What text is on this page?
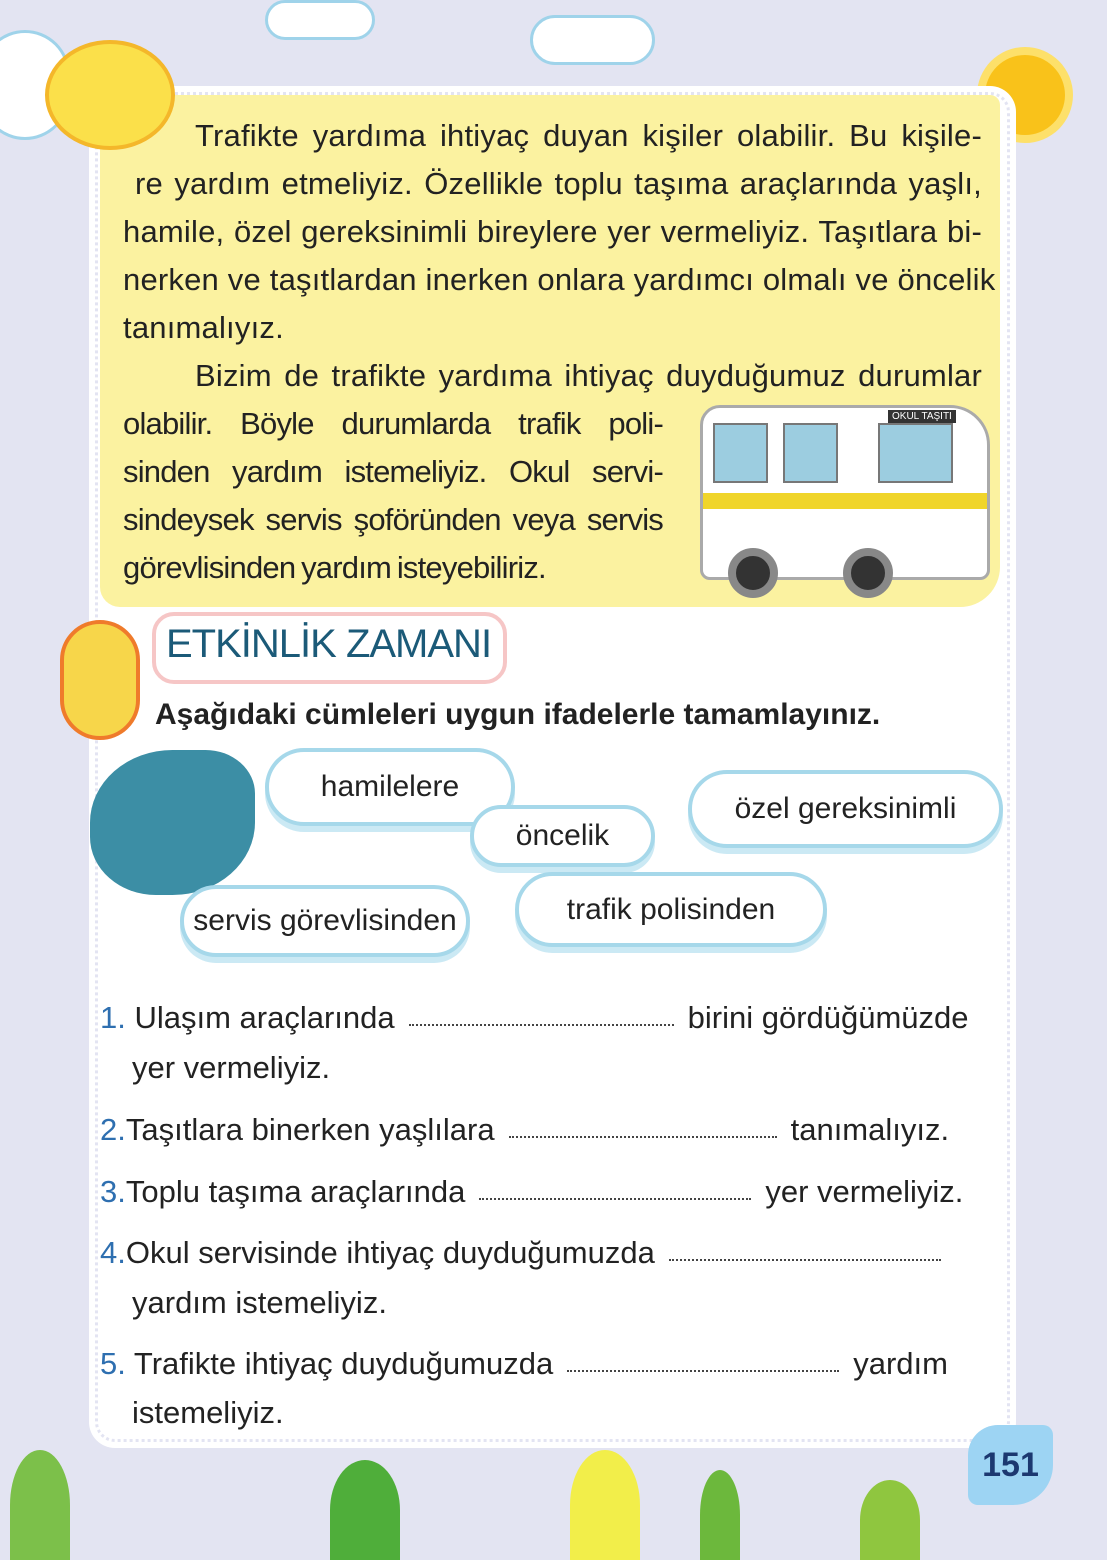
Trafikte yardıma ihtiyaç duyan kişiler olabilir. Bu kişile-
re yardım etmeliyiz. Özellikle toplu taşıma araçlarında yaşlı,
hamile, özel gereksinimli bireylere yer vermeliyiz. Taşıtlara bi-
nerken ve taşıtlardan inerken onlara yardımcı olmalı ve öncelik
tanımalıyız.
Bizim de trafikte yardıma ihtiyaç duyduğumuz durumlar
olabilir. Böyle durumlarda trafik poli-
sinden yardım istemeliyiz. Okul servi-
sindeysek servis şoföründen veya servis
görevlisinden yardım isteyebiliriz.
OKUL TAŞITI
ETKİNLİK ZAMANI
Aşağıdaki cümleleri uygun ifadelerle tamamlayınız.
hamilelere
öncelik
özel gereksinimli
servis görevlisinden	trafik polisinden
1. Ulaşım araçlarında	birini gördüğümüzde
yer vermeliyiz.
2.Taşıtlara binerken yaşlılara	tanımalıyız.
3.Toplu taşıma araçlarında	yer vermeliyiz.
4.Okul servisinde ihtiyaç duyduğumuzda
yardım istemeliyiz.
5. Trafikte ihtiyaç duyduğumuzda	yardım
istemeliyiz.
151
